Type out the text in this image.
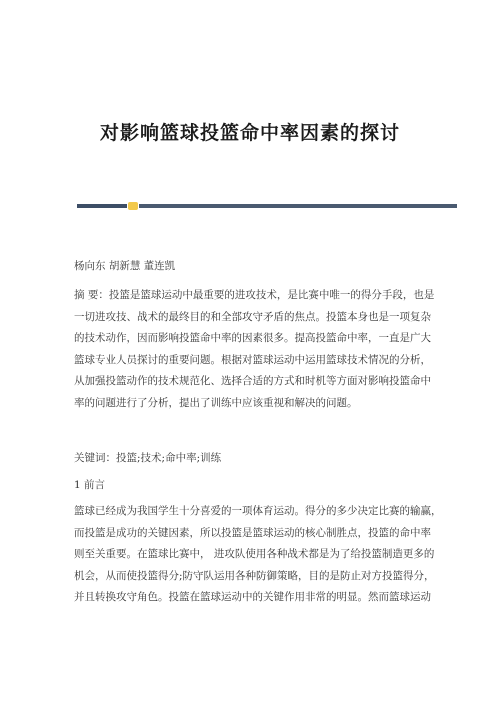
对影响篮球投篮命中率因素的探讨
杨向东 胡新慧 董连凯
摘 要：投篮是篮球运动中最重要的进攻技术，是比赛中唯一的得分手段，也是
一切进攻技、战术的最终目的和全部攻守矛盾的焦点。投篮本身也是一项复杂
的技术动作，因而影响投篮命中率的因素很多。提高投篮命中率，一直是广大
篮球专业人员探讨的重要问题。根据对篮球运动中运用篮球技术情况的分析，
从加强投篮动作的技术规范化、选择合适的方式和时机等方面对影响投篮命中
率的问题进行了分析，提出了训练中应该重视和解决的问题。
关键词：投篮;技术;命中率;训练
1 前言
篮球已经成为我国学生十分喜爱的一项体育运动。得分的多少决定比赛的输赢，
而投篮是成功的关键因素，所以投篮是篮球运动的核心制胜点，投篮的命中率
则至关重要。在篮球比赛中， 进攻队使用各种战术都是为了给投篮制造更多的
机会，从而使投篮得分;防守队运用各种防御策略，目的是防止对方投篮得分，
并且转换攻守角色。投篮在篮球运动中的关键作用非常的明显。然而篮球运动
